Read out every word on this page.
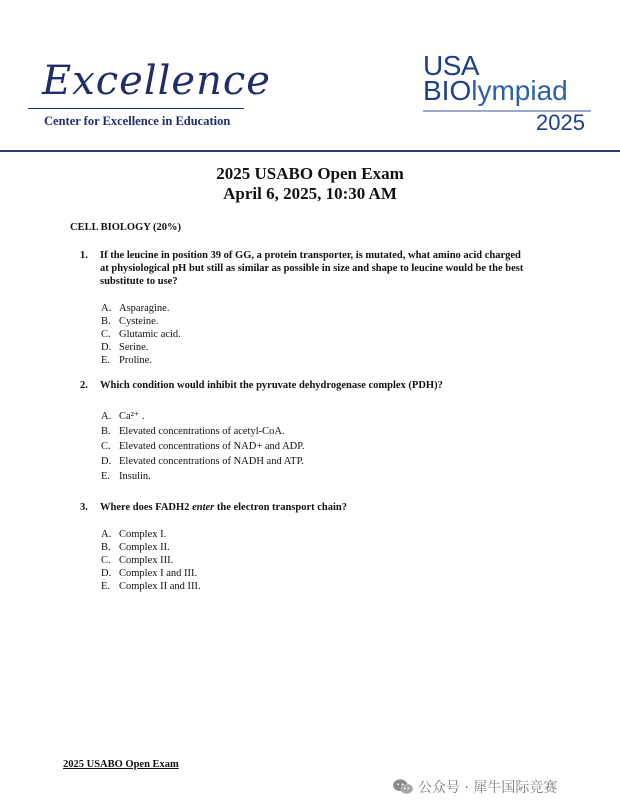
Excellence
Center for Excellence in Education
USA
BIOlympiad
2025
2025 USABO Open Exam
April 6, 2025, 10:30 AM
CELL BIOLOGY (20%)
1.	If the leucine in position 39 of GG, a protein transporter, is mutated, what amino acid charged at physiological pH but still as similar as possible in size and shape to leucine would be the best substitute to use?
A. Asparagine.
B. Cysteine.
C. Glutamic acid.
D. Serine.
E. Proline.
2.	Which condition would inhibit the pyruvate dehydrogenase complex (PDH)?
A. Ca²⁺ .
B. Elevated concentrations of acetyl-CoA.
C. Elevated concentrations of NAD+ and ADP.
D. Elevated concentrations of NADH and ATP.
E. Insulin.
3.	Where does FADH2 enter the electron transport chain?
A. Complex I.
B. Complex II.
C. Complex III.
D. Complex I and III.
E. Complex II and III.
2025 USABO Open Exam
公众号 · 犀牛国际竞赛
